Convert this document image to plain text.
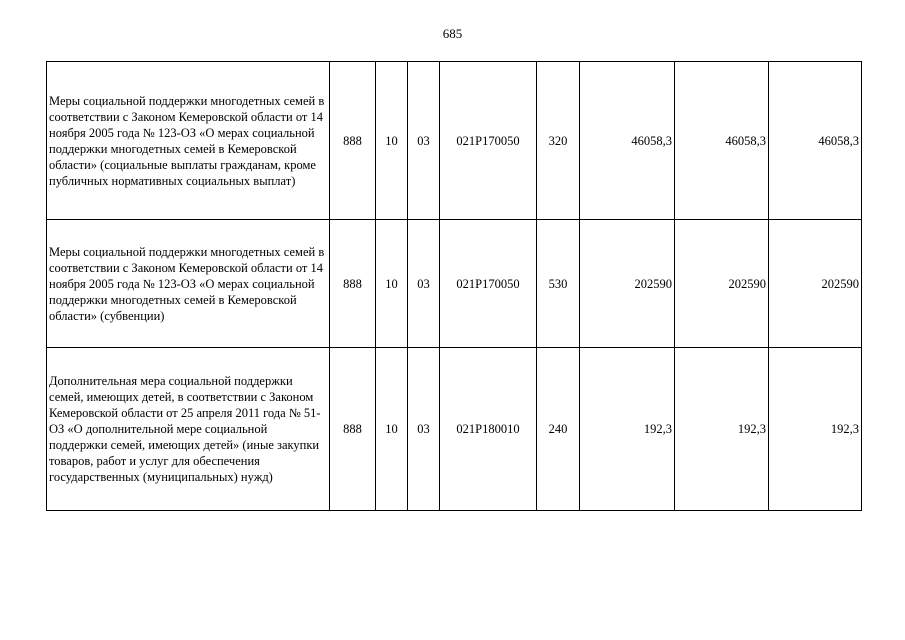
685
Меры социальной поддержки многодетных семей в соответствии с Законом Кемеровской области от 14 ноября 2005 года № 123-ОЗ «О мерах социальной поддержки многодетных семей в Кемеровской области» (социальные выплаты гражданам, кроме публичных нормативных социальных выплат)	888	10	03	021P170050	320	46058,3	46058,3	46058,3
Меры социальной поддержки многодетных семей в соответствии с Законом Кемеровской области от 14 ноября 2005 года № 123-ОЗ «О мерах социальной поддержки многодетных семей в Кемеровской области» (субвенции)	888	10	03	021P170050	530	202590	202590	202590
Дополнительная мера социальной поддержки семей, имеющих детей, в соответствии с Законом Кемеровской области от 25 апреля 2011 года № 51-ОЗ «О дополнительной мере социальной поддержки семей, имеющих детей» (иные закупки товаров, работ и услуг для обеспечения государственных (муниципальных) нужд)	888	10	03	021P180010	240	192,3	192,3	192,3
